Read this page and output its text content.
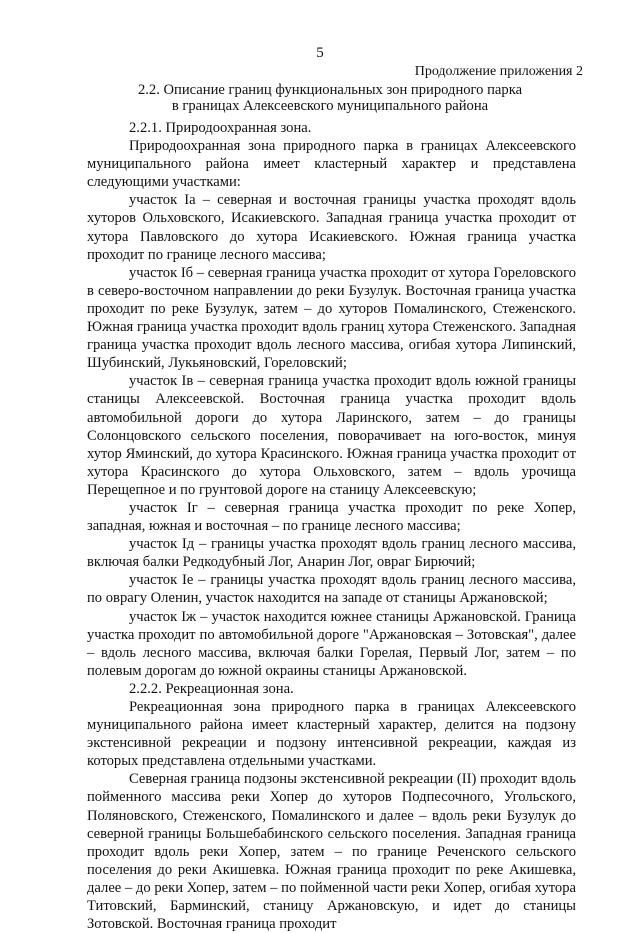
5
Продолжение приложения 2
2.2. Описание границ функциональных зон природного парка
в границах Алексеевского муниципального района

2.2.1. Природоохранная зона.

Природоохранная зона природного парка в границах Алексеевского муниципального района имеет кластерный характер и представлена следующими участками:

участок Iа – северная и восточная границы участка проходят вдоль хуторов Ольховского, Исакиевского. Западная граница участка проходит от хутора Павловского до хутора Исакиевского. Южная граница участка проходит по границе лесного массива;

участок Iб – северная граница участка проходит от хутора Гореловского в северо-восточном направлении до реки Бузулук. Восточная граница участка проходит по реке Бузулук, затем – до хуторов Помалинского, Стеженского. Южная граница участка проходит вдоль границ хутора Стеженского. Западная граница участка проходит вдоль лесного массива, огибая хутора Липинский, Шубинский, Лукьяновский, Гореловский;

участок Iв – северная граница участка проходит вдоль южной границы станицы Алексеевской. Восточная граница участка проходит вдоль автомобильной дороги до хутора Ларинского, затем – до границы Солонцовского сельского поселения, поворачивает на юго-восток, минуя хутор Яминский, до хутора Красинского. Южная граница участка проходит от хутора Красинского до хутора Ольховского, затем – вдоль урочища Перещепное и по грунтовой дороге на станицу Алексеевскую;

участок Iг – северная граница участка проходит по реке Хопер, западная, южная и восточная – по границе лесного массива;

участок Iд – границы участка проходят вдоль границ лесного массива, включая балки Редкодубный Лог, Анарин Лог, овраг Бирючий;

участок Iе – границы участка проходят вдоль границ лесного массива, по оврагу Оленин, участок находится на западе от станицы Аржановской;

участок Iж – участок находится южнее станицы Аржановской. Граница участка проходит по автомобильной дороге "Аржановская – Зотовская", далее – вдоль лесного массива, включая балки Горелая, Первый Лог, затем – по полевым дорогам до южной окраины станицы Аржановской.

2.2.2. Рекреационная зона.

Рекреационная зона природного парка в границах Алексеевского муниципального района имеет кластерный характер, делится на подзону экстенсивной рекреации и подзону интенсивной рекреации, каждая из которых представлена отдельными участками.

Северная граница подзоны экстенсивной рекреации (II) проходит вдоль пойменного массива реки Хопер до хуторов Подпесочного, Угольского, Поляновского, Стеженского, Помалинского и далее – вдоль реки Бузулук до северной границы Большебабинского сельского поселения. Западная граница проходит вдоль реки Хопер, затем – по границе Реченского сельского поселения до реки Акишевка. Южная граница проходит по реке Акишевка, далее – до реки Хопер, затем – по пойменной части реки Хопер, огибая хутора Титовский, Барминский, станицу Аржановскую, и идет до станицы Зотовской. Восточная граница проходит
